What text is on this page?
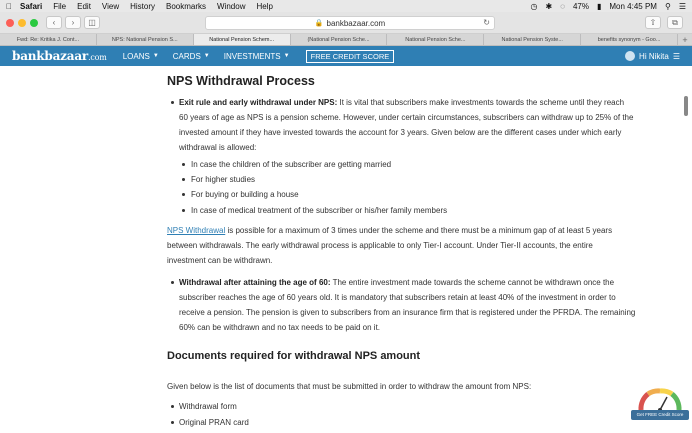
Safari File Edit View History Bookmarks Window Help	◷ ✱ ◌ 47% ▮ Mon 4:45 PM ⚲ ☰
‹ › ◫	🔒 bankbazaar.com	↻	⇧ ⧉
Fwd: Re: Kritika J. Cont...	NPS: National Pension S...	National Pension Schem...	(National Pension Sche...	National Pension Sche...	National Pension Syste...	benefits synonym - Goo...	+
bankbazaar.com LOANS ▼ CARDS ▼ INVESTMENTS ▼	FREE CREDIT SCORE	Hi Nikita ☰
NPS Withdrawal Process
Exit rule and early withdrawal under NPS: It is vital that subscribers make investments towards the scheme until they reach
60 years of age as NPS is a pension scheme. However, under certain circumstances, subscribers can withdraw up to 25% of the
invested amount if they have invested towards the account for 3 years. Given below are the different cases under which early
withdrawal is allowed:
In case the children of the subscriber are getting married
For higher studies
For buying or building a house
In case of medical treatment of the subscriber or his/her family members
NPS Withdrawal is possible for a maximum of 3 times under the scheme and there must be a minimum gap of at least 5 years
between withdrawals. The early withdrawal process is applicable to only Tier-I account. Under Tier-II accounts, the entire
investment can be withdrawn.
Withdrawal after attaining the age of 60: The entire investment made towards the scheme cannot be withdrawn once the
subscriber reaches the age of 60 years old. It is mandatory that subscribers retain at least 40% of the investment in order to
receive a pension. The pension is given to subscribers from an insurance firm that is registered under the PFRDA. The remaining
60% can be withdrawn and no tax needs to be paid on it.
Documents required for withdrawal NPS amount
Given below is the list of documents that must be submitted in order to withdraw the amount from NPS:
Withdrawal form
Original PRAN card
Get FREE Credit Score
